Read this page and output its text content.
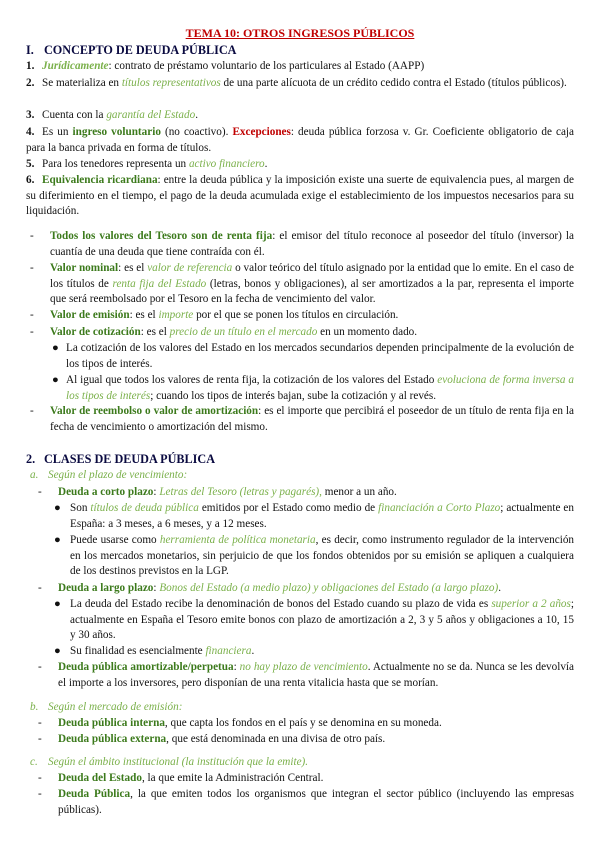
TEMA 10: OTROS INGRESOS PÚBLICOS
I. CONCEPTO DE DEUDA PÚBLICA
1. Jurídicamente: contrato de préstamo voluntario de los particulares al Estado (AAPP)
2. Se materializa en títulos representativos de una parte alícuota de un crédito cedido contra el Estado (títulos públicos).
3. Cuenta con la garantía del Estado.
4. Es un ingreso voluntario (no coactivo). Excepciones: deuda pública forzosa v. Gr. Coeficiente obligatorio de caja para la banca privada en forma de títulos.
5. Para los tenedores representa un activo financiero.
6. Equivalencia ricardiana: entre la deuda pública y la imposición existe una suerte de equivalencia pues, al margen de su diferimiento en el tiempo, el pago de la deuda acumulada exige el establecimiento de los impuestos necesarios para su liquidación.
-	Todos los valores del Tesoro son de renta fija: el emisor del título reconoce al poseedor del título (inversor) la cuantía de una deuda que tiene contraída con él.
-	Valor nominal: es el valor de referencia o valor teórico del título asignado por la entidad que lo emite. En el caso de los títulos de renta fija del Estado (letras, bonos y obligaciones), al ser amortizados a la par, representa el importe que será reembolsado por el Tesoro en la fecha de vencimiento del valor.
-	Valor de emisión: es el importe por el que se ponen los títulos en circulación.
-	Valor de cotización: es el precio de un título en el mercado en un momento dado.
● La cotización de los valores del Estado en los mercados secundarios dependen principalmente de la evolución de los tipos de interés.
● Al igual que todos los valores de renta fija, la cotización de los valores del Estado evoluciona de forma inversa a los tipos de interés; cuando los tipos de interés bajan, sube la cotización y al revés.
-	Valor de reembolso o valor de amortización: es el importe que percibirá el poseedor de un título de renta fija en la fecha de vencimiento o amortización del mismo.
2. CLASES DE DEUDA PÚBLICA
a. Según el plazo de vencimiento:
-	Deuda a corto plazo: Letras del Tesoro (letras y pagarés), menor a un año.
● Son títulos de deuda pública emitidos por el Estado como medio de financiación a Corto Plazo; actualmente en España: a 3 meses, a 6 meses, y a 12 meses.
● Puede usarse como herramienta de política monetaria, es decir, como instrumento regulador de la intervención en los mercados monetarios, sin perjuicio de que los fondos obtenidos por su emisión se apliquen a cualquiera de los destinos previstos en la LGP.
-	Deuda a largo plazo: Bonos del Estado (a medio plazo) y obligaciones del Estado (a largo plazo).
● La deuda del Estado recibe la denominación de bonos del Estado cuando su plazo de vida es superior a 2 años; actualmente en España el Tesoro emite bonos con plazo de amortización a 2, 3 y 5 años y obligaciones a 10, 15 y 30 años.
● Su finalidad es esencialmente financiera.
-	Deuda pública amortizable/perpetua: no hay plazo de vencimiento. Actualmente no se da. Nunca se les devolvía el importe a los inversores, pero disponían de una renta vitalicia hasta que se morían.
b. Según el mercado de emisión:
-	Deuda pública interna, que capta los fondos en el país y se denomina en su moneda.
-	Deuda pública externa, que está denominada en una divisa de otro país.
c. Según el ámbito institucional (la institución que la emite).
-	Deuda del Estado, la que emite la Administración Central.
-	Deuda Pública, la que emiten todos los organismos que integran el sector público (incluyendo las empresas públicas).
